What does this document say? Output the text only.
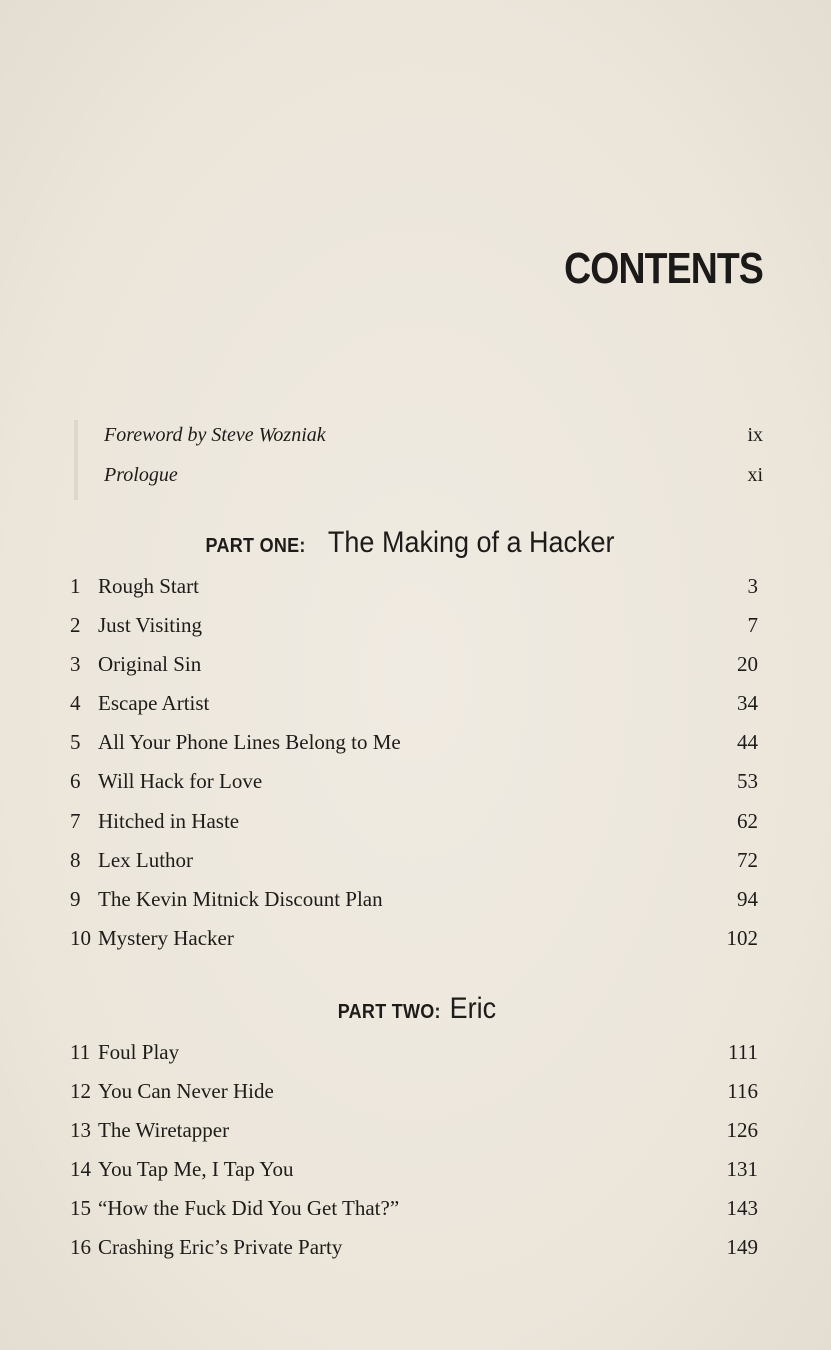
CONTENTS
Foreword by Steve Wozniak	ix
Prologue	xi
PART ONE: The Making of a Hacker
1 Rough Start	3
2 Just Visiting	7
3 Original Sin	20
4 Escape Artist	34
5 All Your Phone Lines Belong to Me	44
6 Will Hack for Love	53
7 Hitched in Haste	62
8 Lex Luthor	72
9 The Kevin Mitnick Discount Plan	94
10 Mystery Hacker	102
PART TWO: Eric
11 Foul Play	111
12 You Can Never Hide	116
13 The Wiretapper	126
14 You Tap Me, I Tap You	131
15 “How the Fuck Did You Get That?”	143
16 Crashing Eric’s Private Party	149
